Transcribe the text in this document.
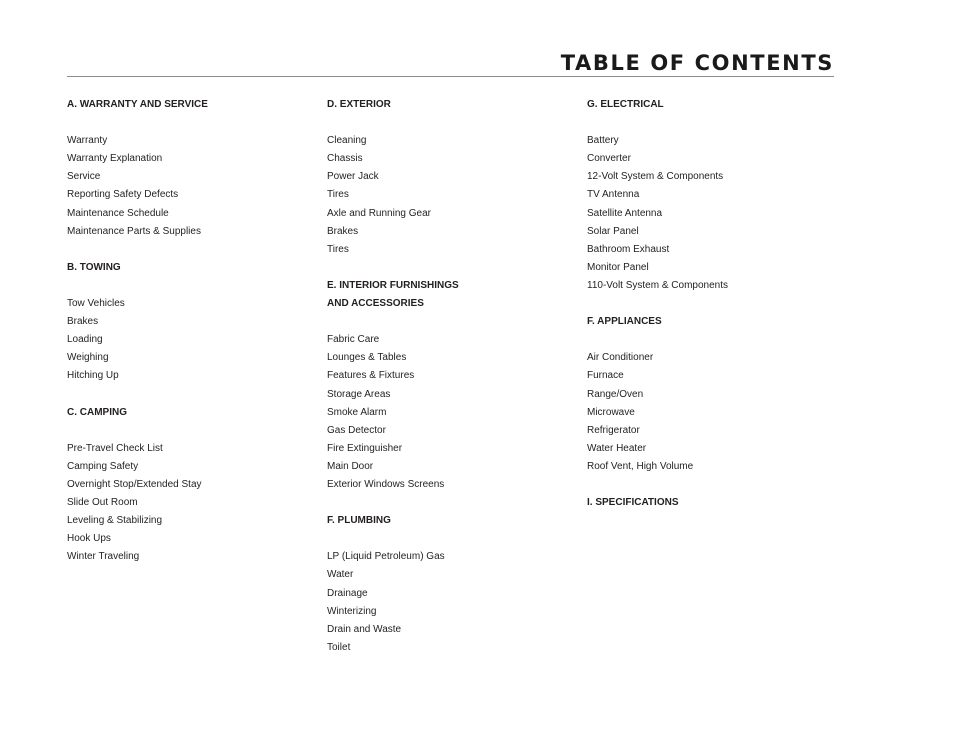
TABLE OF CONTENTS
A. WARRANTY AND SERVICE
Warranty
Warranty Explanation
Service
Reporting Safety Defects
Maintenance Schedule
Maintenance Parts & Supplies
B. TOWING
Tow Vehicles
Brakes
Loading
Weighing
Hitching Up
C. CAMPING
Pre-Travel Check List
Camping Safety
Overnight Stop/Extended Stay
Slide Out Room
Leveling & Stabilizing
Hook Ups
Winter Traveling
D. EXTERIOR
Cleaning
Chassis
Power Jack
Tires
Axle and Running Gear
Brakes
Tires
E. INTERIOR FURNISHINGS
AND ACCESSORIES
Fabric Care
Lounges & Tables
Features & Fixtures
Storage Areas
Smoke Alarm
Gas Detector
Fire Extinguisher
Main Door
Exterior Windows Screens
F. PLUMBING
LP (Liquid Petroleum) Gas
Water
Drainage
Winterizing
Drain and Waste
Toilet
G. ELECTRICAL
Battery
Converter
12-Volt System & Components
TV Antenna
Satellite Antenna
Solar Panel
Bathroom Exhaust
Monitor Panel
110-Volt System & Components
F. APPLIANCES
Air Conditioner
Furnace
Range/Oven
Microwave
Refrigerator
Water Heater
Roof Vent, High Volume
I. SPECIFICATIONS
